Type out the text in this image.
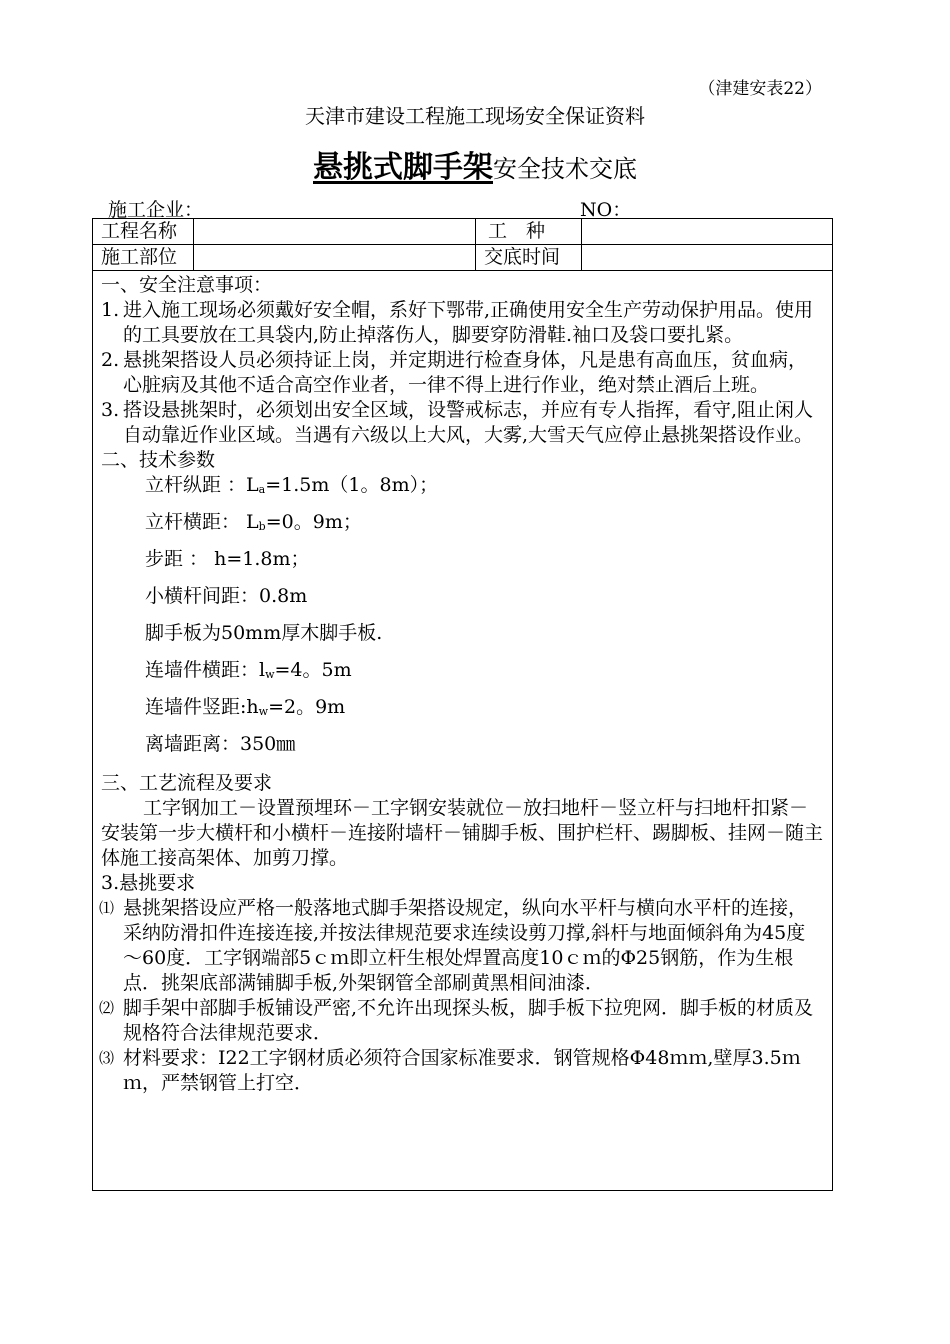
（津建安表22）
天津市建设工程施工现场安全保证资料
悬挑式脚手架安全技术交底
施工企业：	NO：
工程名称	工　种
施工部位	交底时间
一、安全注意事项：
1. 进入施工现场必须戴好安全帽，系好下鄂带,正确使用安全生产劳动保护用品。使用的工具要放在工具袋内,防止掉落伤人，脚要穿防滑鞋.袖口及袋口要扎紧。
2. 悬挑架搭设人员必须持证上岗，并定期进行检查身体，凡是患有高血压，贫血病，心脏病及其他不适合高空作业者，一律不得上进行作业，绝对禁止酒后上班。
3. 搭设悬挑架时，必须划出安全区域，设警戒标志，并应有专人指挥，看守,阻止闲人自动靠近作业区域。当遇有六级以上大风，大雾,大雪天气应停止悬挑架搭设作业。
二、技术参数
立杆纵距 ：$L_a=1.5m(1$。8m）；
立杆横距： $L_b=0$。9m；
步距 ： h=1.8m；
小横杆间距：0.8m
脚手板为50mm厚木脚手板.
连墙件横距：$l_w=4$。5m
连墙件竖距$:h_w=2$。9m
离墙距离：350㎜
三、工艺流程及要求
工字钢加工－设置预埋环－工字钢安装就位－放扫地杆－竖立杆与扫地杆扣紧－安装第一步大横杆和小横杆－连接附墙杆－铺脚手板、围护栏杆、踢脚板、挂网－随主体施工接高架体、加剪刀撑。
3.悬挑要求
⑴ 悬挑架搭设应严格一般落地式脚手架搭设规定，纵向水平杆与横向水平杆的连接，采纳防滑扣件连接连接,并按法律规范要求连续设剪刀撑,斜杆与地面倾斜角为45度～60度．工字钢端部5ｃｍ即立杆生根处焊置高度10ｃｍ的Φ25钢筋，作为生根点．挑架底部满铺脚手板,外架钢管全部刷黄黑相间油漆．
⑵ 脚手架中部脚手板铺设严密,不允许出现探头板，脚手板下拉兜网．脚手板的材质及规格符合法律规范要求．
⑶ 材料要求：I22工字钢材质必须符合国家标准要求．钢管规格Φ48ｍｍ,壁厚3.5ｍｍ，严禁钢管上打空．
